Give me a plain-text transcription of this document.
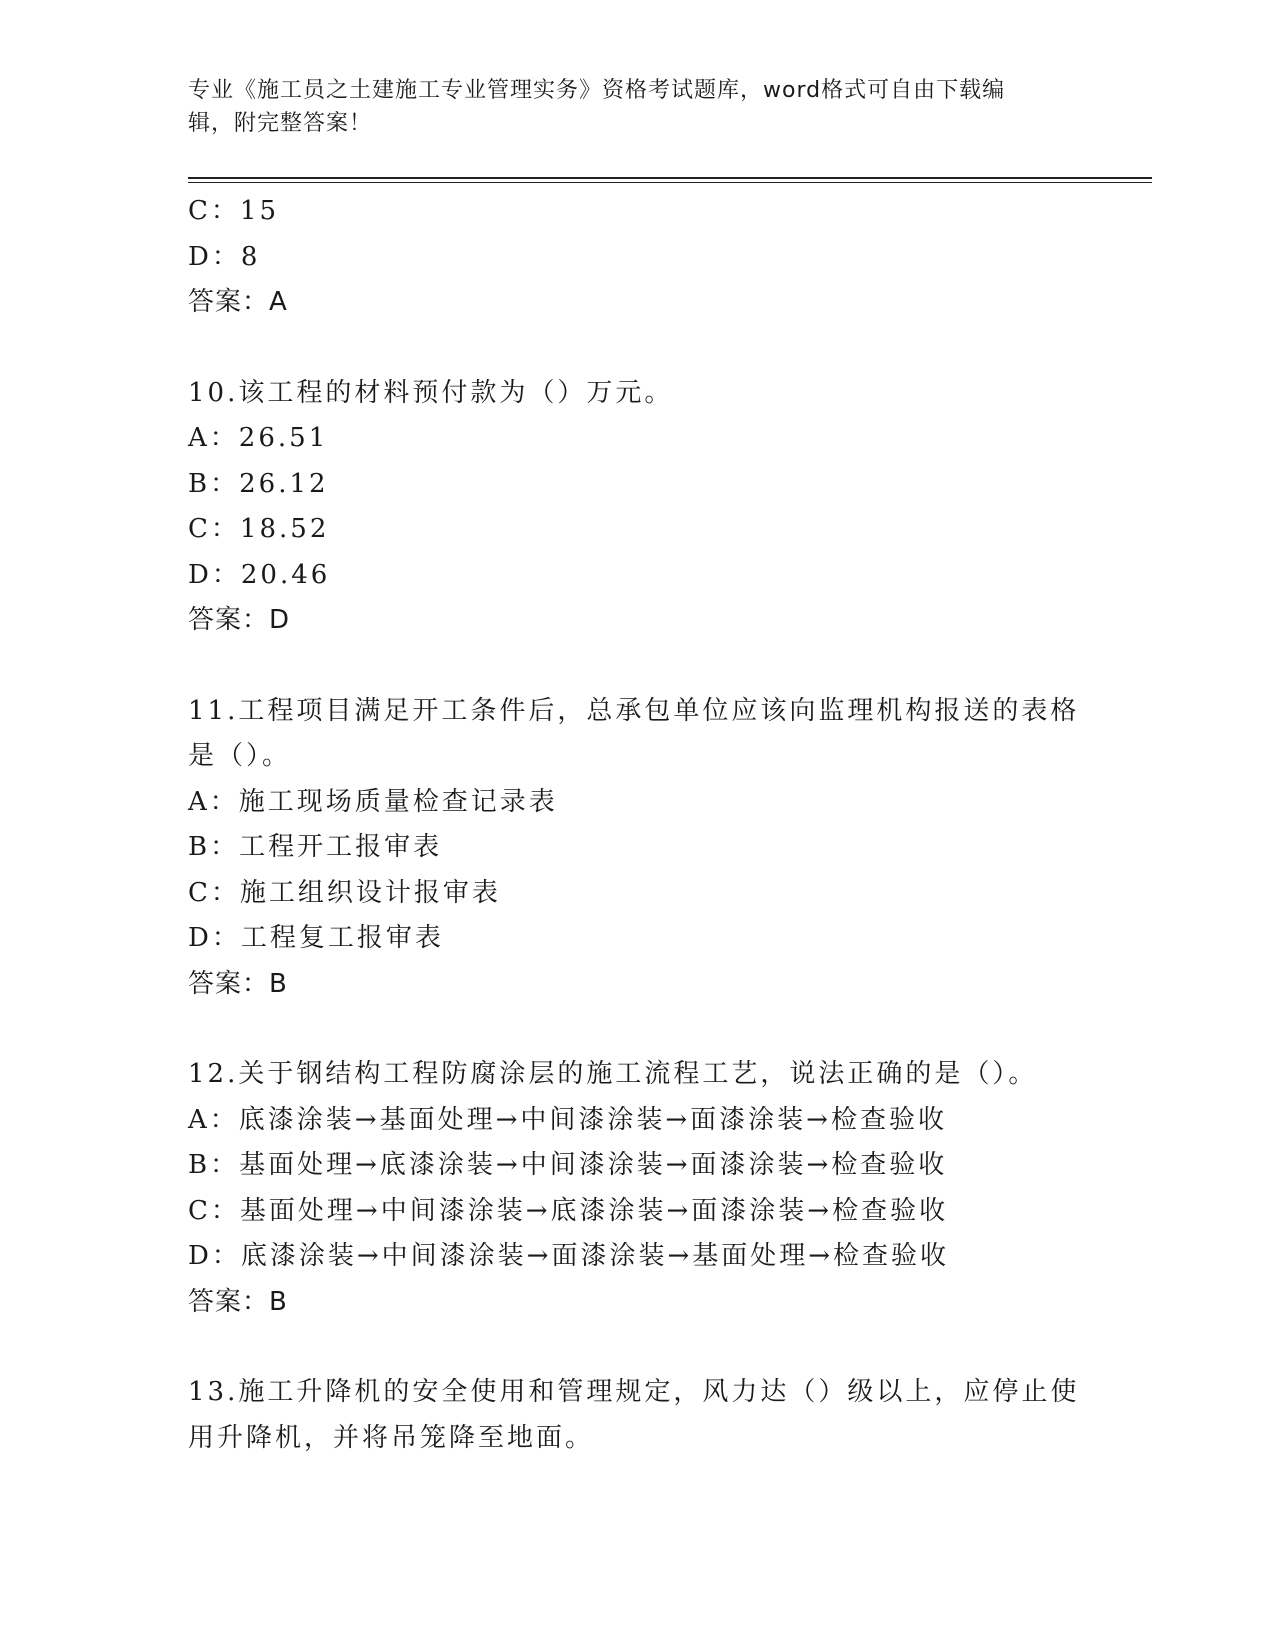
专业《施工员之土建施工专业管理实务》资格考试题库，word格式可自由下载编
辑，附完整答案！
C：15
D：8
答案：A
10.该工程的材料预付款为（）万元。
A：26.51
B：26.12
C：18.52
D：20.46
答案：D
11.工程项目满足开工条件后，总承包单位应该向监理机构报送的表格
是（）。
A：施工现场质量检查记录表
B：工程开工报审表
C：施工组织设计报审表
D：工程复工报审表
答案：B
12.关于钢结构工程防腐涂层的施工流程工艺，说法正确的是（）。
A：底漆涂装→基面处理→中间漆涂装→面漆涂装→检查验收
B：基面处理→底漆涂装→中间漆涂装→面漆涂装→检查验收
C：基面处理→中间漆涂装→底漆涂装→面漆涂装→检查验收
D：底漆涂装→中间漆涂装→面漆涂装→基面处理→检查验收
答案：B
13.施工升降机的安全使用和管理规定，风力达（）级以上，应停止使
用升降机，并将吊笼降至地面。
